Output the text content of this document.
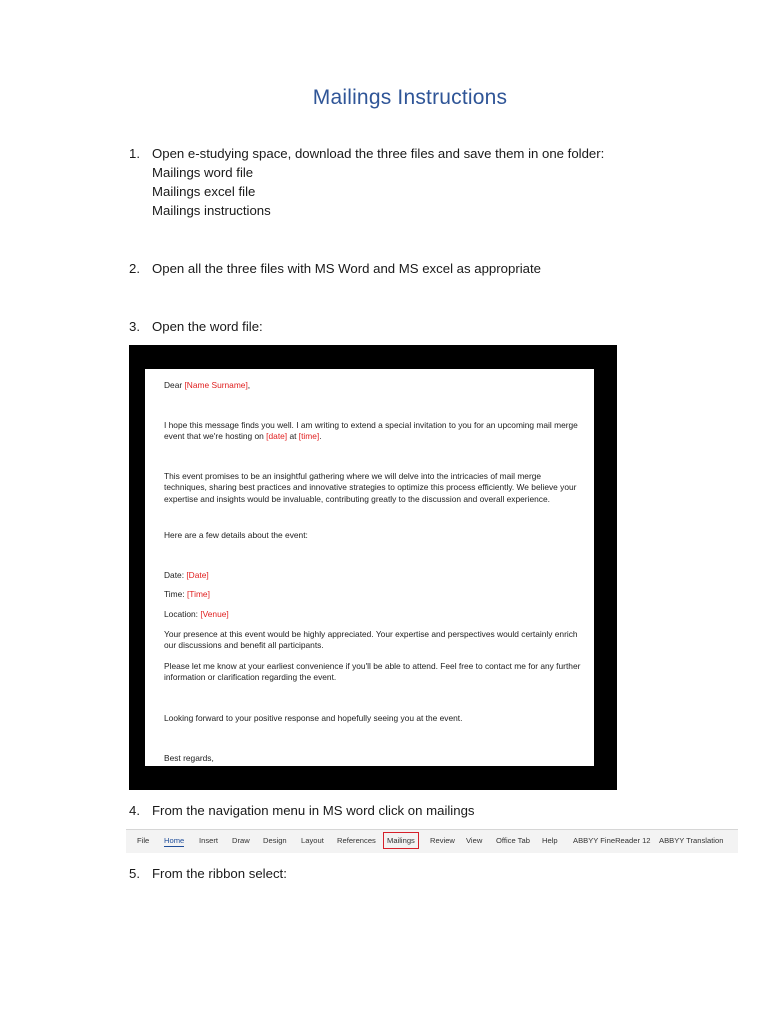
Mailings Instructions
1. Open e-studying space, download the three files and save them in one folder:
Mailings word file
Mailings excel file
Mailings instructions
2. Open all the three files with MS Word and MS excel as appropriate
3. Open the word file:
Dear [Name Surname],
I hope this message finds you well. I am writing to extend a special invitation to you for an upcoming mail merge event that we're hosting on [date] at [time].
This event promises to be an insightful gathering where we will delve into the intricacies of mail merge techniques, sharing best practices and innovative strategies to optimize this process efficiently. We believe your expertise and insights would be invaluable, contributing greatly to the discussion and overall experience.
Here are a few details about the event:
Date: [Date]
Time: [Time]
Location: [Venue]
Your presence at this event would be highly appreciated. Your expertise and perspectives would certainly enrich our discussions and benefit all participants.
Please let me know at your earliest convenience if you'll be able to attend. Feel free to contact me for any further information or clarification regarding the event.
Looking forward to your positive response and hopefully seeing you at the event.
Best regards,
4. From the navigation menu in MS word click on mailings
File Home Insert Draw Design Layout References Mailings Review View Office Tab Help ABBYY FineReader 12 ABBYY Translation
5. From the ribbon select:
